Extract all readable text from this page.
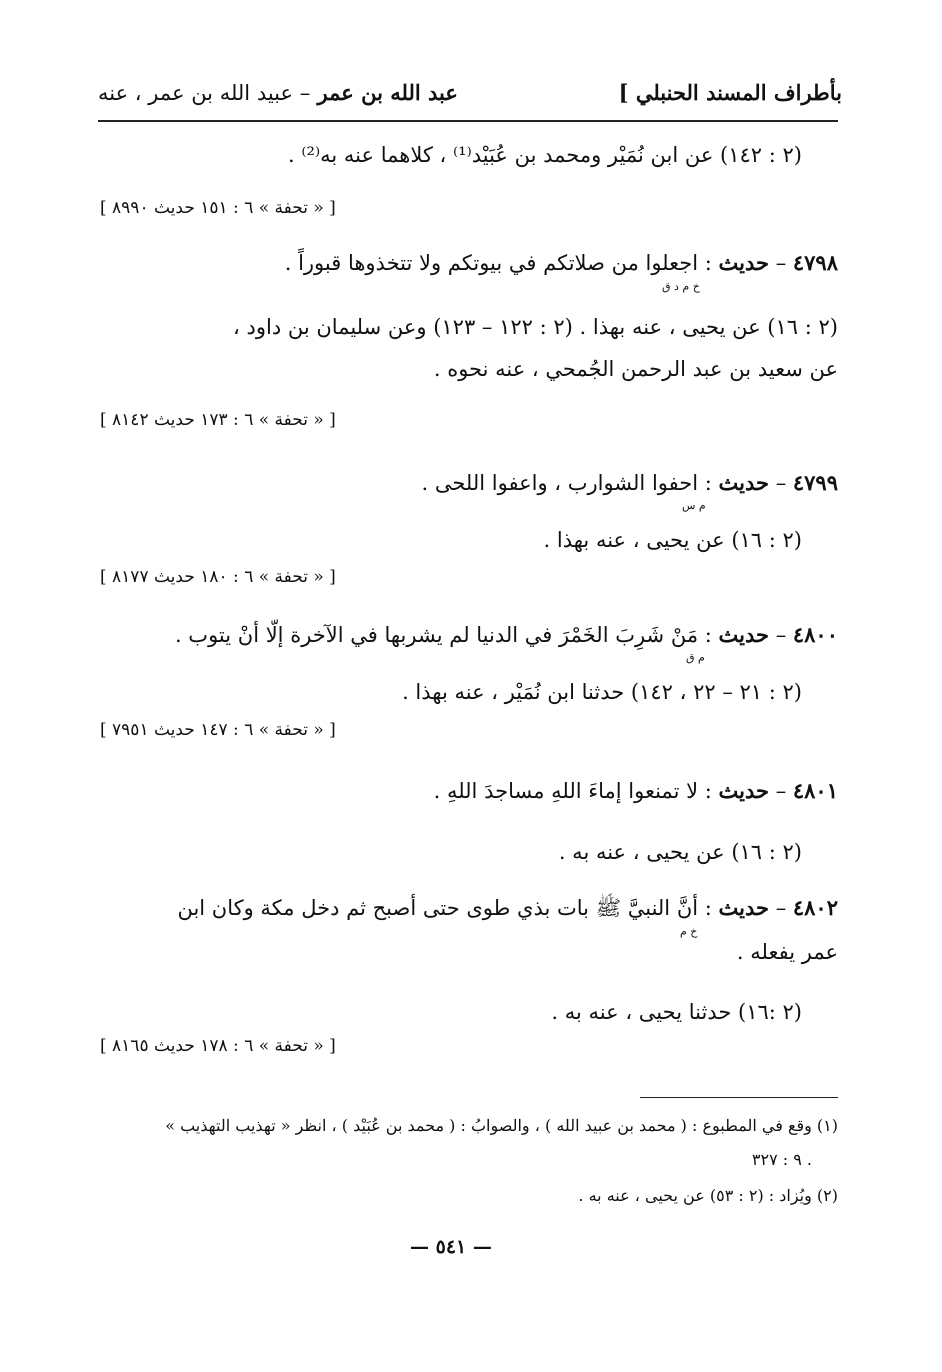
بأطراف المسند الحنبلي ]
عبد الله بن عمر – عبيد الله بن عمر ، عنه
(٢ : ١٤٢) عن ابن نُمَيْر ومحمد بن عُبَيْد⁽¹⁾ ، كلاهما عنه به⁽²⁾ .
[ « تحفة » ٦ : ١٥١ حديث ٨٩٩٠ ]
٤٧٩٨ – حديث : اجعلوا من صلاتكم في بيوتكم ولا تتخذوها قبوراً .
خ م د ق
(٢ : ١٦) عن يحيى ، عنه بهذا . (٢ : ١٢٢ – ١٢٣) وعن سليمان بن داود ،
عن سعيد بن عبد الرحمن الجُمحي ، عنه نحوه .
[ « تحفة » ٦ : ١٧٣ حديث ٨١٤٢ ]
٤٧٩٩ – حديث : احفوا الشوارب ، واعفوا اللحى .
م س
(٢ : ١٦) عن يحيى ، عنه بهذا .
[ « تحفة » ٦ : ١٨٠ حديث ٨١٧٧ ]
٤٨٠٠ – حديث : مَنْ شَرِبَ الخَمْرَ في الدنيا لم يشربها في الآخرة إلّا أنْ يتوب .
م ق
(٢ : ٢١ – ٢٢ ، ١٤٢) حدثنا ابن نُمَيْر ، عنه بهذا .
[ « تحفة » ٦ : ١٤٧ حديث ٧٩٥١ ]
٤٨٠١ – حديث : لا تمنعوا إماءَ اللهِ مساجدَ اللهِ .
(٢ : ١٦) عن يحيى ، عنه به .
٤٨٠٢ – حديث : أنَّ النبيَّ ﷺ بات بذي طوى حتى أصبح ثم دخل مكة وكان ابن
خ م
عمر يفعله .
(٢ :١٦) حدثنا يحيى ، عنه به .
[ « تحفة » ٦ : ١٧٨ حديث ٨١٦٥ ]
(١) وقع في المطبوع : ( محمد بن عبيد الله ) ، والصوابُ : ( محمد بن عُبَيْد ) ، انظر « تهذيب التهذيب »
٩ : ٣٢٧ .
(٢) ويُزاد : (٢ : ٥٣) عن يحيى ، عنه به .
— ٥٤١ —
